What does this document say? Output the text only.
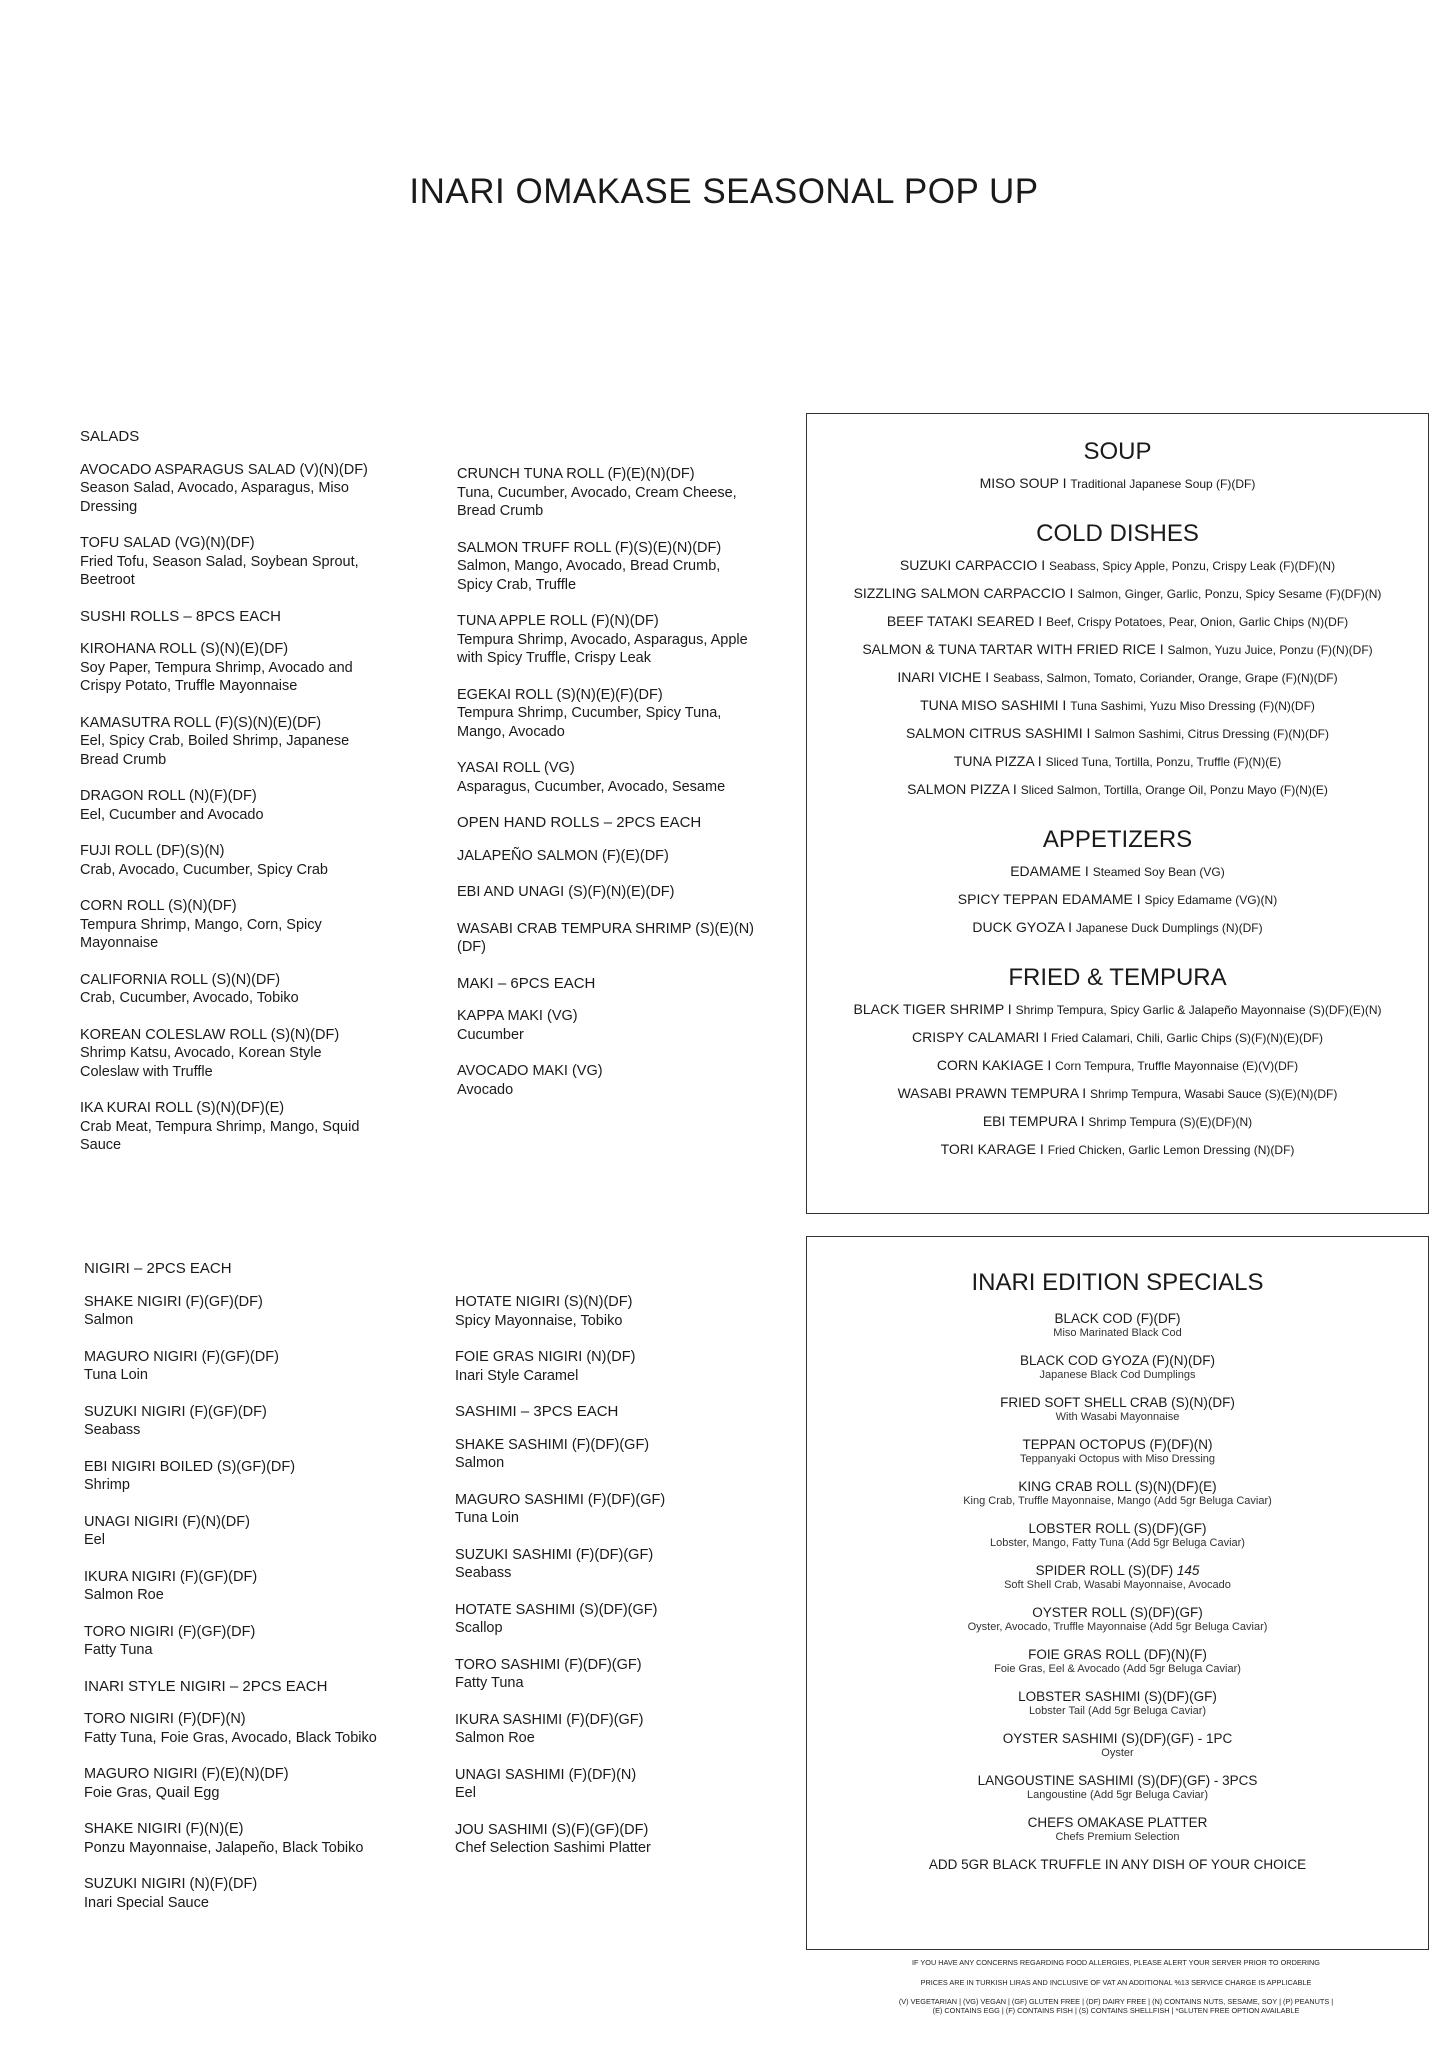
INARI OMAKASE SEASONAL POP UP
SALADS
AVOCADO ASPARAGUS SALAD (V)(N)(DF)
Season Salad, Avocado, Asparagus, Miso Dressing
TOFU SALAD (VG)(N)(DF)
Fried Tofu, Season Salad, Soybean Sprout, Beetroot
SUSHI ROLLS – 8PCS EACH
KIROHANA ROLL (S)(N)(E)(DF)
Soy Paper, Tempura Shrimp, Avocado and Crispy Potato, Truffle Mayonnaise
KAMASUTRA ROLL (F)(S)(N)(E)(DF)
Eel, Spicy Crab, Boiled Shrimp, Japanese Bread Crumb
DRAGON ROLL (N)(F)(DF)
Eel, Cucumber and Avocado
FUJI ROLL (DF)(S)(N)
Crab, Avocado, Cucumber, Spicy Crab
CORN ROLL (S)(N)(DF)
Tempura Shrimp, Mango, Corn, Spicy Mayonnaise
CALIFORNIA ROLL (S)(N)(DF)
Crab, Cucumber, Avocado, Tobiko
KOREAN COLESLAW ROLL (S)(N)(DF)
Shrimp Katsu, Avocado, Korean Style Coleslaw with Truffle
IKA KURAI ROLL (S)(N)(DF)(E)
Crab Meat, Tempura Shrimp, Mango, Squid Sauce
CRUNCH TUNA ROLL (F)(E)(N)(DF)
Tuna, Cucumber, Avocado, Cream Cheese, Bread Crumb
SALMON TRUFF ROLL (F)(S)(E)(N)(DF)
Salmon, Mango, Avocado, Bread Crumb, Spicy Crab, Truffle
TUNA APPLE ROLL (F)(N)(DF)
Tempura Shrimp, Avocado, Asparagus, Apple with Spicy Truffle, Crispy Leak
EGEKAI ROLL (S)(N)(E)(F)(DF)
Tempura Shrimp, Cucumber, Spicy Tuna, Mango, Avocado
YASAI ROLL (VG)
Asparagus, Cucumber, Avocado, Sesame
OPEN HAND ROLLS – 2PCS EACH
JALAPEÑO SALMON (F)(E)(DF)
EBI AND UNAGI (S)(F)(N)(E)(DF)
WASABI CRAB TEMPURA SHRIMP (S)(E)(N)(DF)
MAKI – 6PCS EACH
KAPPA MAKI (VG)
Cucumber
AVOCADO MAKI (VG)
Avocado
NIGIRI – 2PCS EACH
SHAKE NIGIRI (F)(GF)(DF)
Salmon
MAGURO NIGIRI (F)(GF)(DF)
Tuna Loin
SUZUKI NIGIRI (F)(GF)(DF)
Seabass
EBI NIGIRI BOILED (S)(GF)(DF)
Shrimp
UNAGI NIGIRI (F)(N)(DF)
Eel
IKURA NIGIRI (F)(GF)(DF)
Salmon Roe
TORO NIGIRI (F)(GF)(DF)
Fatty Tuna
INARI STYLE NIGIRI – 2PCS EACH
TORO NIGIRI (F)(DF)(N)
Fatty Tuna, Foie Gras, Avocado, Black Tobiko
MAGURO NIGIRI (F)(E)(N)(DF)
Foie Gras, Quail Egg
SHAKE NIGIRI (F)(N)(E)
Ponzu Mayonnaise, Jalapeño, Black Tobiko
SUZUKI NIGIRI (N)(F)(DF)
Inari Special Sauce
HOTATE NIGIRI (S)(N)(DF)
Spicy Mayonnaise, Tobiko
FOIE GRAS NIGIRI (N)(DF)
Inari Style Caramel
SASHIMI – 3PCS EACH
SHAKE SASHIMI (F)(DF)(GF)
Salmon
MAGURO SASHIMI (F)(DF)(GF)
Tuna Loin
SUZUKI SASHIMI (F)(DF)(GF)
Seabass
HOTATE SASHIMI (S)(DF)(GF)
Scallop
TORO SASHIMI (F)(DF)(GF)
Fatty Tuna
IKURA SASHIMI (F)(DF)(GF)
Salmon Roe
UNAGI SASHIMI (F)(DF)(N)
Eel
JOU SASHIMI (S)(F)(GF)(DF)
Chef Selection Sashimi Platter
SOUP
MISO SOUP I Traditional Japanese Soup (F)(DF)
COLD DISHES
SUZUKI CARPACCIO I Seabass, Spicy Apple, Ponzu, Crispy Leak (F)(DF)(N)
SIZZLING SALMON CARPACCIO I Salmon, Ginger, Garlic, Ponzu, Spicy Sesame (F)(DF)(N)
BEEF TATAKI SEARED I Beef, Crispy Potatoes, Pear, Onion, Garlic Chips (N)(DF)
SALMON & TUNA TARTAR WITH FRIED RICE I Salmon, Yuzu Juice, Ponzu (F)(N)(DF)
INARI VICHE I Seabass, Salmon, Tomato, Coriander, Orange, Grape (F)(N)(DF)
TUNA MISO SASHIMI I Tuna Sashimi, Yuzu Miso Dressing (F)(N)(DF)
SALMON CITRUS SASHIMI I Salmon Sashimi, Citrus Dressing (F)(N)(DF)
TUNA PIZZA I Sliced Tuna, Tortilla, Ponzu, Truffle (F)(N)(E)
SALMON PIZZA I Sliced Salmon, Tortilla, Orange Oil, Ponzu Mayo (F)(N)(E)
APPETIZERS
EDAMAME I Steamed Soy Bean (VG)
SPICY TEPPAN EDAMAME I Spicy Edamame (VG)(N)
DUCK GYOZA I Japanese Duck Dumplings (N)(DF)
FRIED & TEMPURA
BLACK TIGER SHRIMP I Shrimp Tempura, Spicy Garlic & Jalapeño Mayonnaise (S)(DF)(E)(N)
CRISPY CALAMARI I Fried Calamari, Chili, Garlic Chips (S)(F)(N)(E)(DF)
CORN KAKIAGE I Corn Tempura, Truffle Mayonnaise (E)(V)(DF)
WASABI PRAWN TEMPURA I Shrimp Tempura, Wasabi Sauce (S)(E)(N)(DF)
EBI TEMPURA I Shrimp Tempura (S)(E)(DF)(N)
TORI KARAGE I Fried Chicken, Garlic Lemon Dressing (N)(DF)
INARI EDITION SPECIALS
BLACK COD (F)(DF)
Miso Marinated Black Cod
BLACK COD GYOZA (F)(N)(DF)
Japanese Black Cod Dumplings
FRIED SOFT SHELL CRAB (S)(N)(DF)
With Wasabi Mayonnaise
TEPPAN OCTOPUS (F)(DF)(N)
Teppanyaki Octopus with Miso Dressing
KING CRAB ROLL (S)(N)(DF)(E)
King Crab, Truffle Mayonnaise, Mango (Add 5gr Beluga Caviar)
LOBSTER ROLL (S)(DF)(GF)
Lobster, Mango, Fatty Tuna (Add 5gr Beluga Caviar)
SPIDER ROLL (S)(DF) 145
Soft Shell Crab, Wasabi Mayonnaise, Avocado
OYSTER ROLL (S)(DF)(GF)
Oyster, Avocado, Truffle Mayonnaise (Add 5gr Beluga Caviar)
FOIE GRAS ROLL (DF)(N)(F)
Foie Gras, Eel & Avocado (Add 5gr Beluga Caviar)
LOBSTER SASHIMI (S)(DF)(GF)
Lobster Tail (Add 5gr Beluga Caviar)
OYSTER SASHIMI (S)(DF)(GF) - 1PC
Oyster
LANGOUSTINE SASHIMI (S)(DF)(GF) - 3PCS
Langoustine (Add 5gr Beluga Caviar)
CHEFS OMAKASE PLATTER
Chefs Premium Selection
ADD 5GR BLACK TRUFFLE IN ANY DISH OF YOUR CHOICE
IF YOU HAVE ANY CONCERNS REGARDING FOOD ALLERGIES, PLEASE ALERT YOUR SERVER PRIOR TO ORDERING
PRICES ARE IN TURKISH LIRAS AND INCLUSIVE OF VAT AN ADDITIONAL %13 SERVICE CHARGE IS APPLICABLE
(V) VEGETARIAN | (VG) VEGAN | (GF) GLUTEN FREE | (DF) DAIRY FREE | (N) CONTAINS NUTS, SESAME, SOY | (P) PEANUTS |
(E) CONTAINS EGG | (F) CONTAINS FISH | (S) CONTAINS SHELLFISH | *GLUTEN FREE OPTION AVAILABLE
